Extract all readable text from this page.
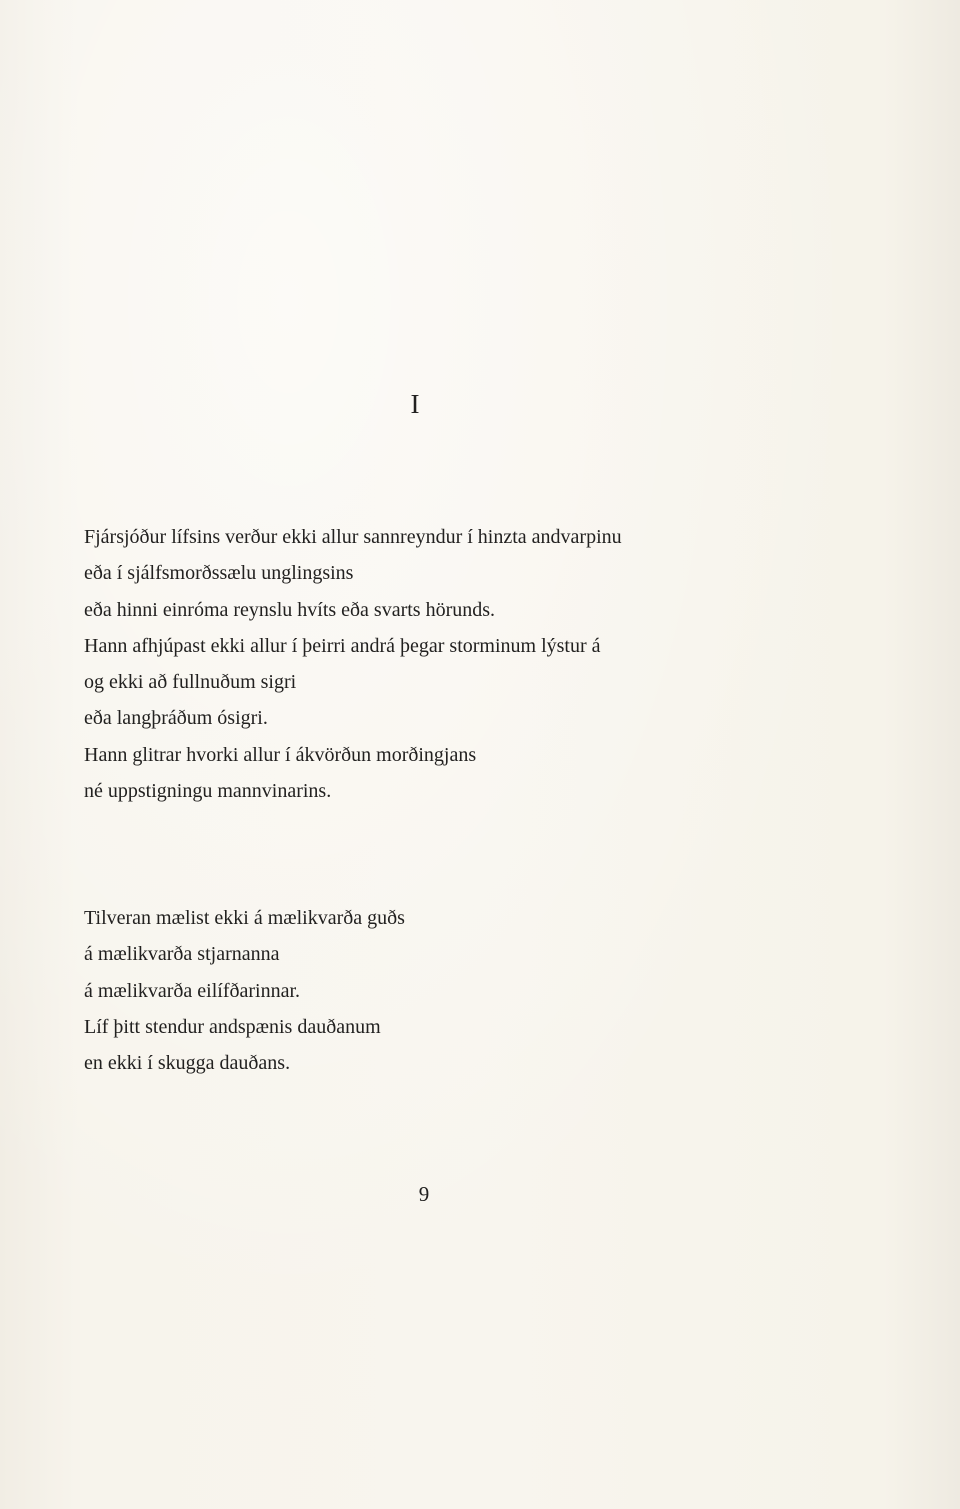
I
Fjársjóður lífsins verður ekki allur sannreyndur í hinzta andvarpinu
eða í sjálfsmorðssælu unglingsins
eða hinni einróma reynslu hvíts eða svarts hörunds.
Hann afhjúpast ekki allur í þeirri andrá þegar storminum lýstur á
og ekki að fullnuðum sigri
eða langþráðum ósigri.
Hann glitrar hvorki allur í ákvörðun morðingjans
né uppstigningu mannvinarins.
Tilveran mælist ekki á mælikvarða guðs
á mælikvarða stjarnanna
á mælikvarða eilífðarinnar.
Líf þitt stendur andspænis dauðanum
en ekki í skugga dauðans.
9
